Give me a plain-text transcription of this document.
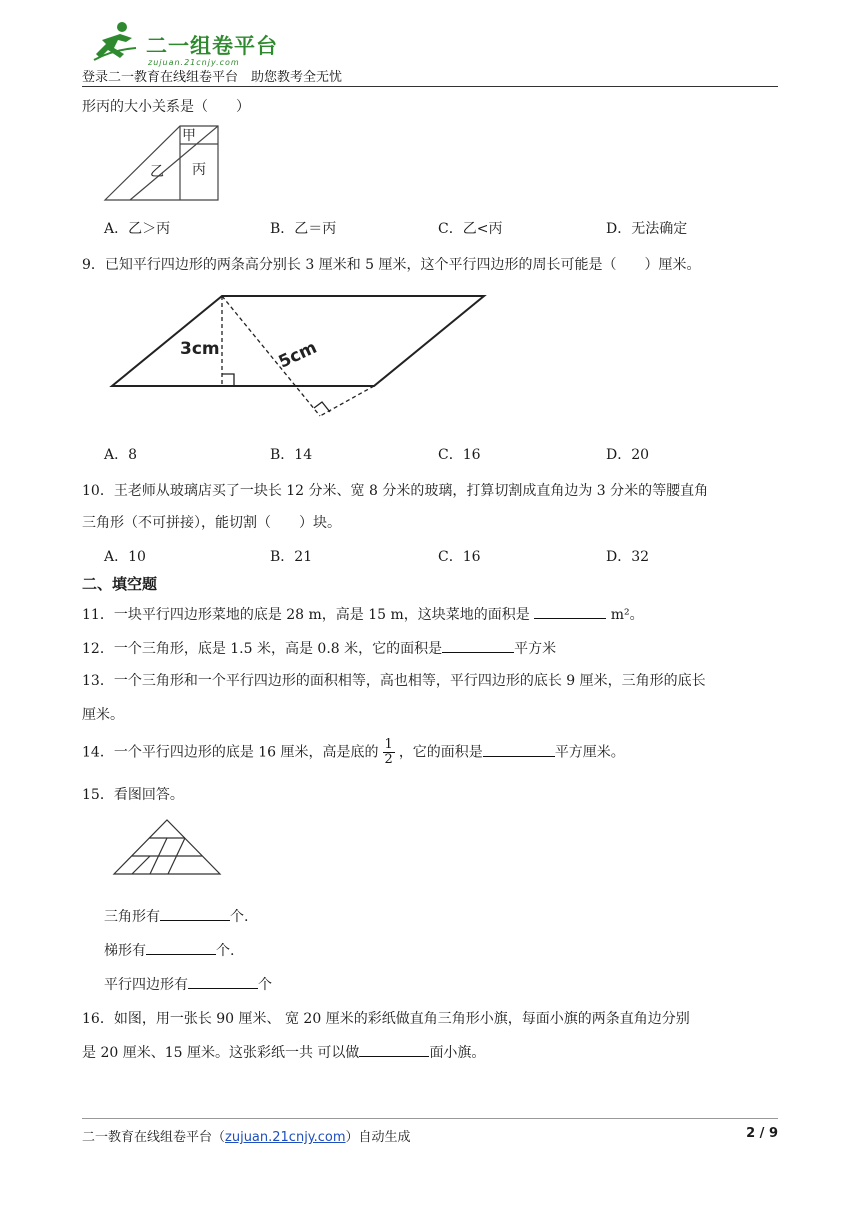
二一组卷平台
zujuan.21cnjy.com
登录二一教育在线组卷平台　助您教考全无忧
形丙的大小关系是（　　）
甲
乙 丙
A．乙＞丙	B．乙＝丙	C．乙<丙	D．无法确定
9．已知平行四边形的两条高分别长 3 厘米和 5 厘米，这个平行四边形的周长可能是（　　）厘米。
3cm	5cm
A．8	B．14	C．16	D．20
10．王老师从玻璃店买了一块长 12 分米、宽 8 分米的玻璃，打算切割成直角边为 3 分米的等腰直角
三角形（不可拼接），能切割（　　）块。
A．10	B．21	C．16	D．32
二、填空题
11．一块平行四边形菜地的底是 28 m，高是 15 m，这块菜地的面积是	m²。
12．一个三角形，底是 1.5 米，高是 0.8 米，它的面积是	平方米
13．一个三角形和一个平行四边形的面积相等，高也相等，平行四边形的底长 9 厘米，三角形的底长
厘米。
14．一个平行四边形的底是 16 厘米，高是底的 $\frac{1}{2}$ ，它的面积是	平方厘米。
15．看图回答。
三角形有	个.
梯形有	个.
平行四边形有	个
16．如图，用一张长 90 厘米、 宽 20 厘米的彩纸做直角三角形小旗，每面小旗的两条直角边分别
是 20 厘米、15 厘米。这张彩纸一共 可以做	面小旗。
二一教育在线组卷平台（zujuan.21cnjy.com）自动生成	2 / 9
